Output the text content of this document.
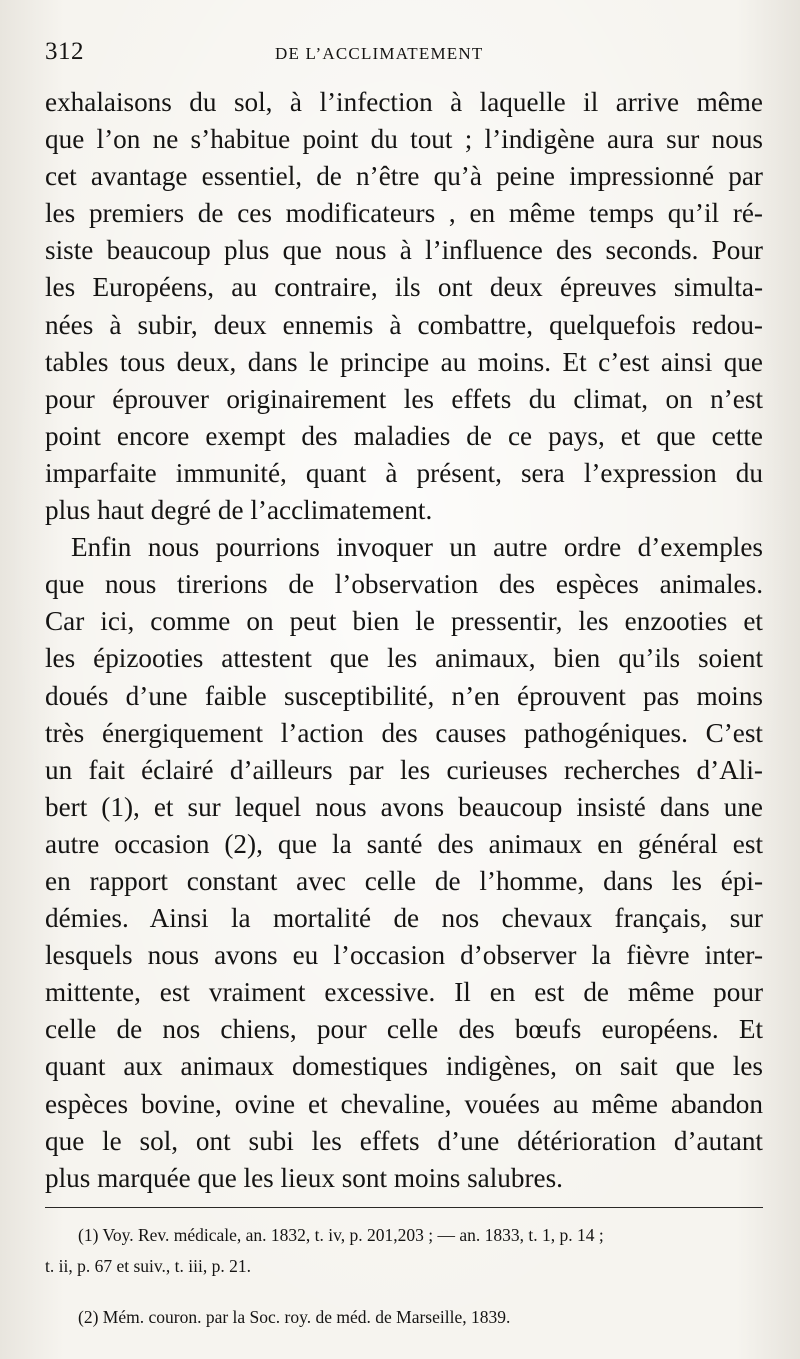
312	DE L’ACCLIMATEMENT
exhalaisons du sol, à l’infection à laquelle il arrive même
que l’on ne s’habitue point du tout ; l’indigène aura sur nous
cet avantage essentiel, de n’être qu’à peine impressionné par
les premiers de ces modificateurs , en même temps qu’il ré-
siste beaucoup plus que nous à l’influence des seconds. Pour
les Européens, au contraire, ils ont deux épreuves simulta-
nées à subir, deux ennemis à combattre, quelquefois redou-
tables tous deux, dans le principe au moins. Et c’est ainsi que
pour éprouver originairement les effets du climat, on n’est
point encore exempt des maladies de ce pays, et que cette
imparfaite immunité, quant à présent, sera l’expression du
plus haut degré de l’acclimatement.
Enfin nous pourrions invoquer un autre ordre d’exemples
que nous tirerions de l’observation des espèces animales.
Car ici, comme on peut bien le pressentir, les enzooties et
les épizooties attestent que les animaux, bien qu’ils soient
doués d’une faible susceptibilité, n’en éprouvent pas moins
très énergiquement l’action des causes pathogéniques. C’est
un fait éclairé d’ailleurs par les curieuses recherches d’Ali-
bert (1), et sur lequel nous avons beaucoup insisté dans une
autre occasion (2), que la santé des animaux en général est
en rapport constant avec celle de l’homme, dans les épi-
démies. Ainsi la mortalité de nos chevaux français, sur
lesquels nous avons eu l’occasion d’observer la fièvre inter-
mittente, est vraiment excessive. Il en est de même pour
celle de nos chiens, pour celle des bœufs européens. Et
quant aux animaux domestiques indigènes, on sait que les
espèces bovine, ovine et chevaline, vouées au même abandon
que le sol, ont subi les effets d’une détérioration d’autant
plus marquée que les lieux sont moins salubres.
(1) Voy. Rev. médicale, an. 1832, t. iv, p. 201,203 ; — an. 1833, t. 1, p. 14 ;
t. ii, p. 67 et suiv., t. iii, p. 21.
(2) Mém. couron. par la Soc. roy. de méd. de Marseille, 1839.
